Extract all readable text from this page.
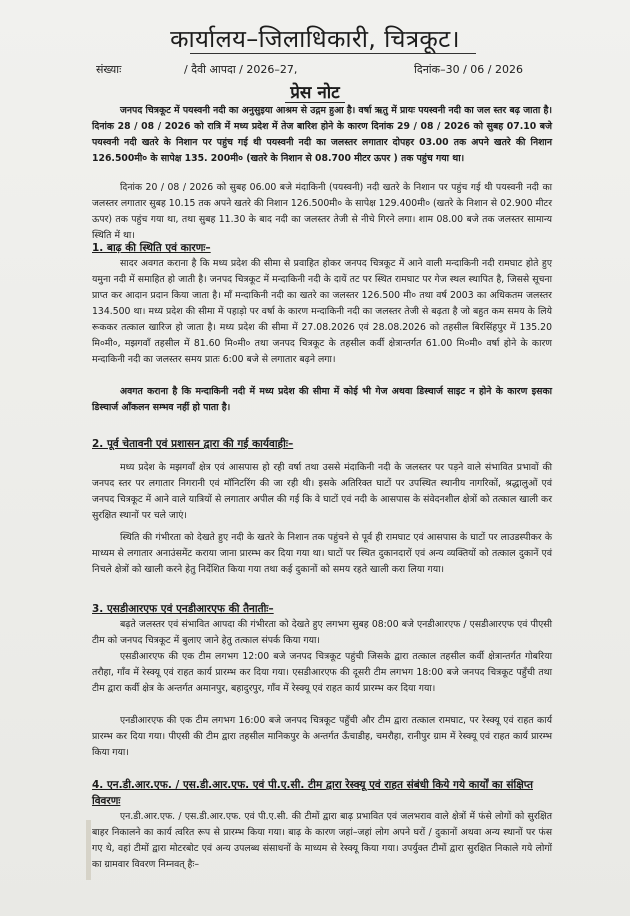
कार्यालय–जिलाधिकारी, चित्रकूट।
संख्याः	/ दैवी आपदा / 2026–27,	दिनांक–30 / 06 / 2026
प्रेस नोट

जनपद चित्रकूट में पयस्वनी नदी का अनुसुइया आश्रम से उद्गम हुआ है। वर्षा ऋतु में प्रायः पयस्वनी नदी का जल स्तर बढ़ जाता है। दिनांक 28 / 08 / 2026 को रात्रि में मध्य प्रदेश में तेज बारिश होने के कारण दिनांक 29 / 08 / 2026 को सुबह 07.10 बजे पयस्वनी नदी खतरे के निशान पर पहुंच गई थी पयस्वनी नदी का जलस्तर लगातार दोपहर 03.00 तक अपने खतरे की निशान 126.500मी० के सापेक्ष 135. 200मी० (खतरे के निशान से 08.700 मीटर ऊपर ) तक पहुंच गया था।

दिनांक 20 / 08 / 2026 को सुबह 06.00 बजे मंदाकिनी (पयस्वनी) नदी खतरे के निशान पर पहुंच गई थी पयस्वनी नदी का जलस्तर लगातार सुबह 10.15 तक अपने खतरे की निशान 126.500मी० के सापेक्ष 129.400मी० (खतरे के निशान से 02.900 मीटर ऊपर) तक पहुंच गया था, तथा सुबह 11.30 के बाद नदी का जलस्तर तेजी से नीचे गिरने लगा। शाम 08.00 बजे तक जलस्तर सामान्य स्थिति में था।

1. बाढ़ की स्थिति एवं कारणः–

सादर अवगत कराना है कि मध्य प्रदेश की सीमा से प्रवाहित होकर जनपद चित्रकूट में आने वाली मन्दाकिनी नदी रामघाट होते हुए यमुना नदी में समाहित हो जाती है। जनपद चित्रकूट में मन्दाकिनी नदी के दायें तट पर स्थित रामघाट पर गेज स्थल स्थापित है, जिससे सूचना प्राप्त कर आदान प्रदान किया जाता है। माँ मन्दाकिनी नदी का खतरे का जलस्तर 126.500 मी० तथा वर्ष 2003 का अधिकतम जलस्तर 134.500 था। मध्य प्रदेश की सीमा में पहाड़ो पर वर्षा के कारण मन्दाकिनी नदी का जलस्तर तेजी से बढ़ता है जो बहुत कम समय के लिये रूककर तत्काल खारिज हो जाता है। मध्य प्रदेश की सीमा में 27.08.2026 एवं 28.08.2026 को तहसील बिरसिंहपुर में 135.20 मि०मी०, मझगवाँ तहसील में 81.60 मि०मी० तथा जनपद चित्रकूट के तहसील कर्वी क्षेत्रान्तर्गत 61.00 मि०मी० वर्षा होने के कारण मन्दाकिनी नदी का जलस्तर समय प्रातः 6:00 बजे से लगातार बढ़ने लगा।

अवगत कराना है कि मन्दाकिनी नदी में मध्य प्रदेश की सीमा में कोई भी गेज अथवा डिस्चार्ज साइट न होने के कारण इसका डिस्चार्ज आँकलन सम्भव नहीं हो पाता है।

2. पूर्व चेतावनी एवं प्रशासन द्वारा की गई कार्यवाहीः–

मध्य प्रदेश के मझगवाँ क्षेत्र एवं आसपास हो रही वर्षा तथा उससे मंदाकिनी नदी के जलस्तर पर पड़ने वाले संभावित प्रभावों की जनपद स्तर पर लगातार निगरानी एवं मॉनिटरिंग की जा रही थी। इसके अतिरिक्त घाटों पर उपस्थित स्थानीय नागरिकों, श्रद्धालुओं एवं जनपद चित्रकूट में आने वाले यात्रियों से लगातार अपील की गई कि वे घाटों एवं नदी के आसपास के संवेदनशील क्षेत्रों को तत्काल खाली कर सुरक्षित स्थानों पर चले जाएं।

स्थिति की गंभीरता को देखते हुए नदी के खतरे के निशान तक पहुंचने से पूर्व ही रामघाट एवं आसपास के घाटों पर लाउडस्पीकर के माध्यम से लगातार अनाउंसमेंट कराया जाना प्रारम्भ कर दिया गया था। घाटों पर स्थित दुकानदारों एवं अन्य व्यक्तियों को तत्काल दुकानें एवं निचले क्षेत्रों को खाली करने हेतु निर्देशित किया गया तथा कई दुकानों को समय रहते खाली करा लिया गया।

3. एसडीआरएफ एवं एनडीआरएफ की तैनातीः–

बढ़ते जलस्तर एवं संभावित आपदा की गंभीरता को देखते हुए लगभग सुबह 08:00 बजे एनडीआरएफ / एसडीआरएफ एवं पीएसी टीम को जनपद चित्रकूट में बुलाए जाने हेतु तत्काल संपर्क किया गया।

एसडीआरएफ की एक टीम लगभग 12:00 बजे जनपद चित्रकूट पहुंची जिसके द्वारा तत्काल तहसील कर्वी क्षेत्रान्तर्गत गोबरिया तरौहा, गाँव में रेस्क्यू एवं राहत कार्य प्रारम्भ कर दिया गया। एसडीआरएफ की दूसरी टीम लगभग 18:00 बजे जनपद चित्रकूट पहुँची तथा टीम द्वारा कर्वी क्षेत्र के अन्तर्गत अमानपुर, बहादुरपुर, गाँव में रेस्क्यू एवं राहत कार्य प्रारम्भ कर दिया गया।

एनडीआरएफ की एक टीम लगभग 16:00 बजे जनपद चित्रकूट पहुँची और टीम द्वारा तत्काल रामघाट, पर रेस्क्यू एवं राहत कार्य प्रारम्भ कर दिया गया। पीएसी की टीम द्वारा तहसील मानिकपुर के अन्तर्गत ऊँचाडीह, चमरौहा, रानीपुर ग्राम में रेस्क्यू एवं राहत कार्य प्रारम्भ किया गया।

4. एन.डी.आर.एफ. / एस.डी.आर.एफ. एवं पी.ए.सी. टीम द्वारा रेस्क्यू एवं राहत संबंधी किये गये कार्यों का संक्षिप्त विवरणः

एन.डी.आर.एफ. / एस.डी.आर.एफ. एवं पी.ए.सी. की टीमों द्वारा बाढ़ प्रभावित एवं जलभराव वाले क्षेत्रों में फंसे लोगों को सुरक्षित बाहर निकालने का कार्य त्वरित रूप से प्रारम्भ किया गया। बाढ़ के कारण जहां–जहां लोग अपने घरों / दुकानों अथवा अन्य स्थानों पर फंस गए थे, वहां टीमों द्वारा मोटरबोट एवं अन्य उपलब्ध संसाधनों के माध्यम से रेस्क्यू किया गया। उपर्युक्त टीमों द्वारा सुरक्षित निकाले गये लोगों का ग्रामवार विवरण निम्नवत् हैः–
